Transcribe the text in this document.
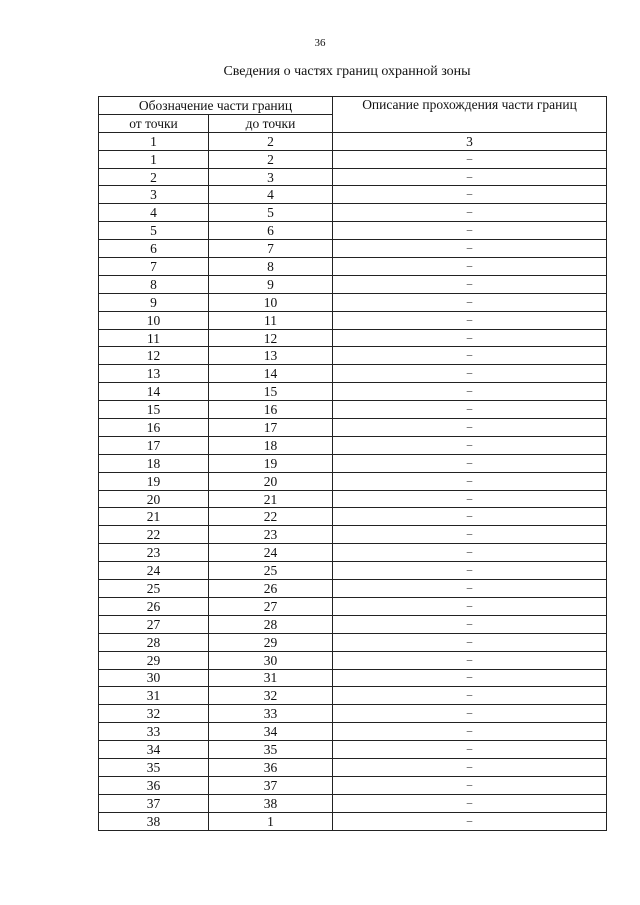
36
Сведения о частях границ охранной зоны
Обозначение части границ		Описание прохождения части границ
от точки	до точки	
1	2	3
1	2	–
2	3	–
3	4	–
4	5	–
5	6	–
6	7	–
7	8	–
8	9	–
9	10	–
10	11	–
11	12	–
12	13	–
13	14	–
14	15	–
15	16	–
16	17	–
17	18	–
18	19	–
19	20	–
20	21	–
21	22	–
22	23	–
23	24	–
24	25	–
25	26	–
26	27	–
27	28	–
28	29	–
29	30	–
30	31	–
31	32	–
32	33	–
33	34	–
34	35	–
35	36	–
36	37	–
37	38	–
38	1	–
